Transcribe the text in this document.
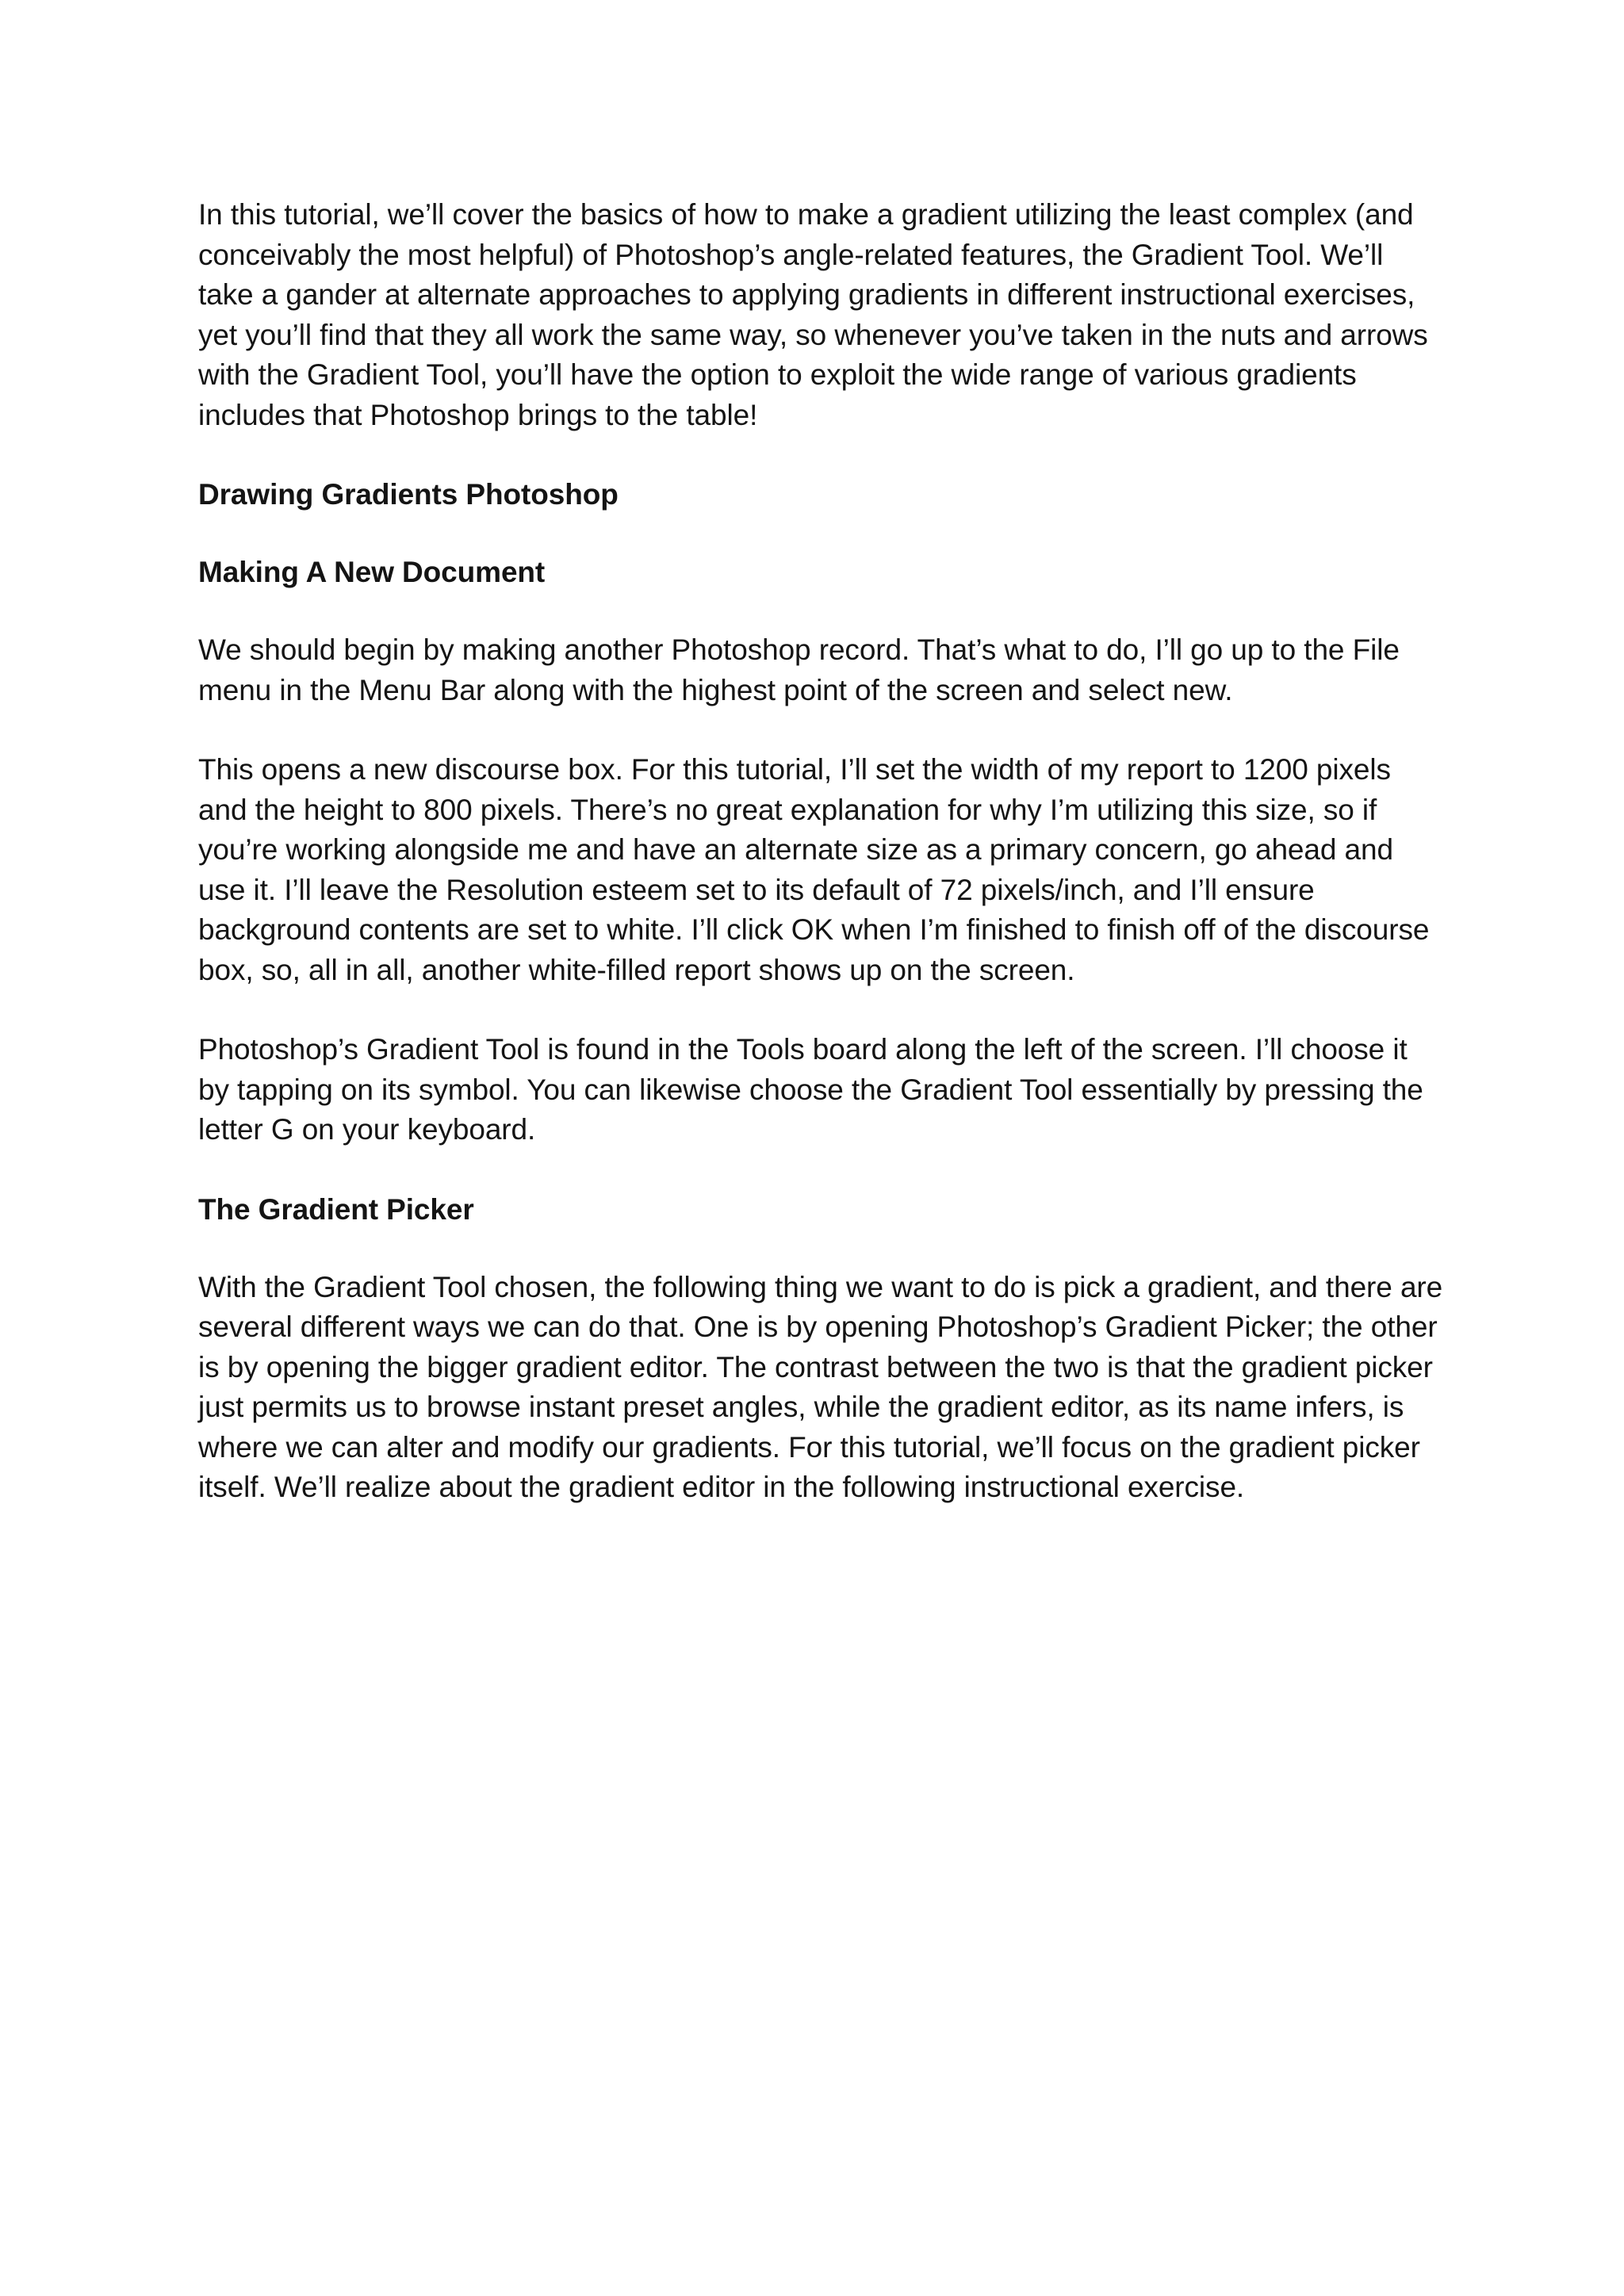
In this tutorial, we’ll cover the basics of how to make a gradient utilizing the least complex (and conceivably the most helpful) of Photoshop’s angle-related features, the Gradient Tool. We’ll take a gander at alternate approaches to applying gradients in different instructional exercises, yet you’ll find that they all work the same way, so whenever you’ve taken in the nuts and arrows with the Gradient Tool, you’ll have the option to exploit the wide range of various gradients includes that Photoshop brings to the table!

Drawing Gradients Photoshop

Making A New Document

We should begin by making another Photoshop record. That’s what to do, I’ll go up to the File menu in the Menu Bar along with the highest point of the screen and select new.

This opens a new discourse box. For this tutorial, I’ll set the width of my report to 1200 pixels and the height to 800 pixels. There’s no great explanation for why I’m utilizing this size, so if you’re working alongside me and have an alternate size as a primary concern, go ahead and use it. I’ll leave the Resolution esteem set to its default of 72 pixels/inch, and I’ll ensure background contents are set to white. I’ll click OK when I’m finished to finish off of the discourse box, so, all in all, another white-filled report shows up on the screen.

Photoshop’s Gradient Tool is found in the Tools board along the left of the screen. I’ll choose it by tapping on its symbol. You can likewise choose the Gradient Tool essentially by pressing the letter G on your keyboard.

The Gradient Picker

With the Gradient Tool chosen, the following thing we want to do is pick a gradient, and there are several different ways we can do that. One is by opening Photoshop’s Gradient Picker; the other is by opening the bigger gradient editor. The contrast between the two is that the gradient picker just permits us to browse instant preset angles, while the gradient editor, as its name infers, is where we can alter and modify our gradients. For this tutorial, we’ll focus on the gradient picker itself. We’ll realize about the gradient editor in the following instructional exercise.
